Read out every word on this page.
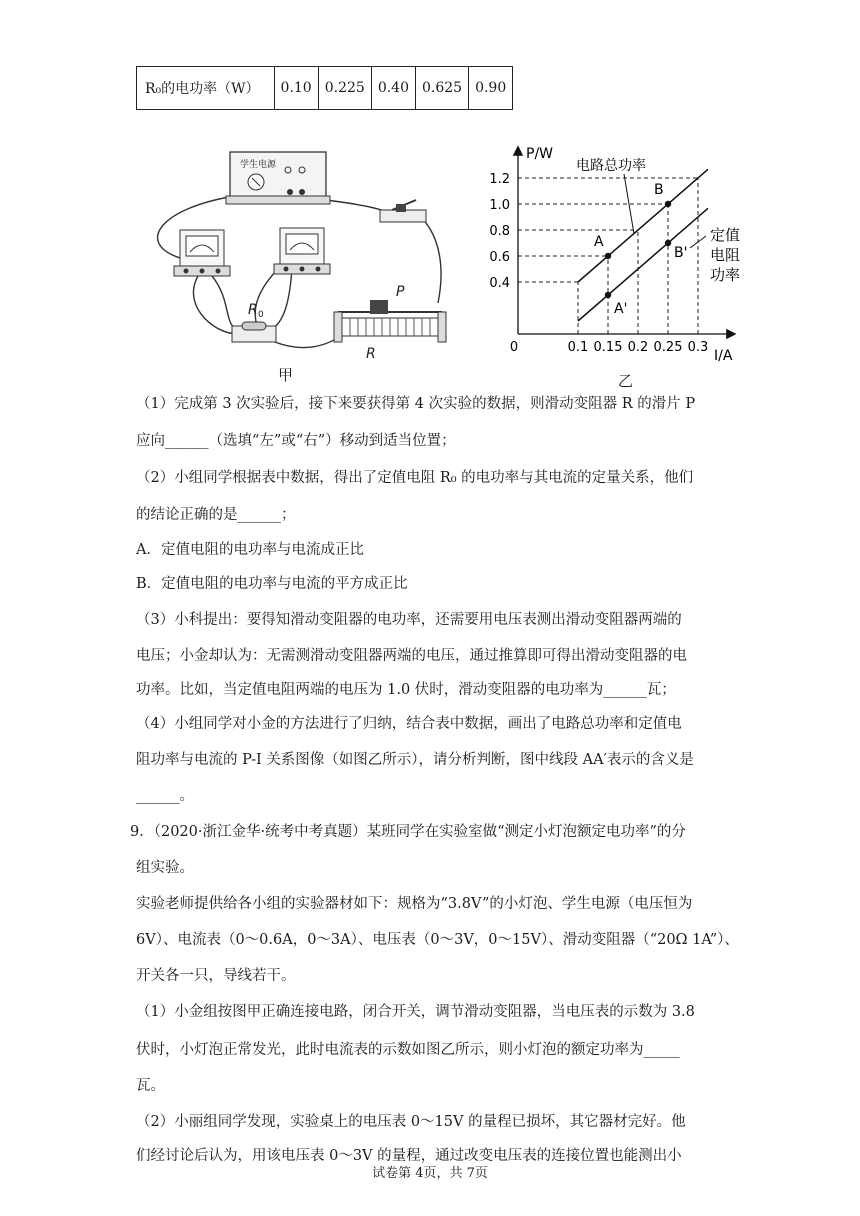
R₀的电功率（W）	0.10	0.225	0.40	0.625	0.90
学生电源
R 0
P
R
甲
0.1 0.15 0.2 0.25 0.3
0.4
0.6
0.8
1.0
1.2
A
B
A'
B'
P/W
I/A
0
电路总功率
定值
电阻
功率
乙
（1）完成第 3 次实验后，接下来要获得第 4 次实验的数据，则滑动变阻器 R 的滑片 P
应向______（选填“左”或“右”）移动到适当位置；
（2）小组同学根据表中数据，得出了定值电阻 R₀ 的电功率与其电流的定量关系，他们
的结论正确的是______；
A．定值电阻的电功率与电流成正比
B．定值电阻的电功率与电流的平方成正比
（3）小科提出：要得知滑动变阻器的电功率，还需要用电压表测出滑动变阻器两端的
电压；小金却认为：无需测滑动变阻器两端的电压，通过推算即可得出滑动变阻器的电
功率。比如，当定值电阻两端的电压为 1.0 伏时，滑动变阻器的电功率为______瓦；
（4）小组同学对小金的方法进行了归纳，结合表中数据，画出了电路总功率和定值电
阻功率与电流的 P-I 关系图像（如图乙所示），请分析判断，图中线段 AA′表示的含义是
______。
9．（2020·浙江金华·统考中考真题）某班同学在实验室做“测定小灯泡额定电功率”的分
组实验。
实验老师提供给各小组的实验器材如下：规格为“3.8V”的小灯泡、学生电源（电压恒为
6V）、电流表（0～0.6A，0～3A）、电压表（0～3V，0～15V）、滑动变阻器（“20Ω 1A”）、
开关各一只，导线若干。
（1）小金组按图甲正确连接电路，闭合开关，调节滑动变阻器，当电压表的示数为 3.8
伏时，小灯泡正常发光，此时电流表的示数如图乙所示，则小灯泡的额定功率为_____
瓦。
（2）小丽组同学发现，实验桌上的电压表 0～15V 的量程已损坏，其它器材完好。他
们经讨论后认为，用该电压表 0～3V 的量程，通过改变电压表的连接位置也能测出小
试卷第 4页，共 7页
